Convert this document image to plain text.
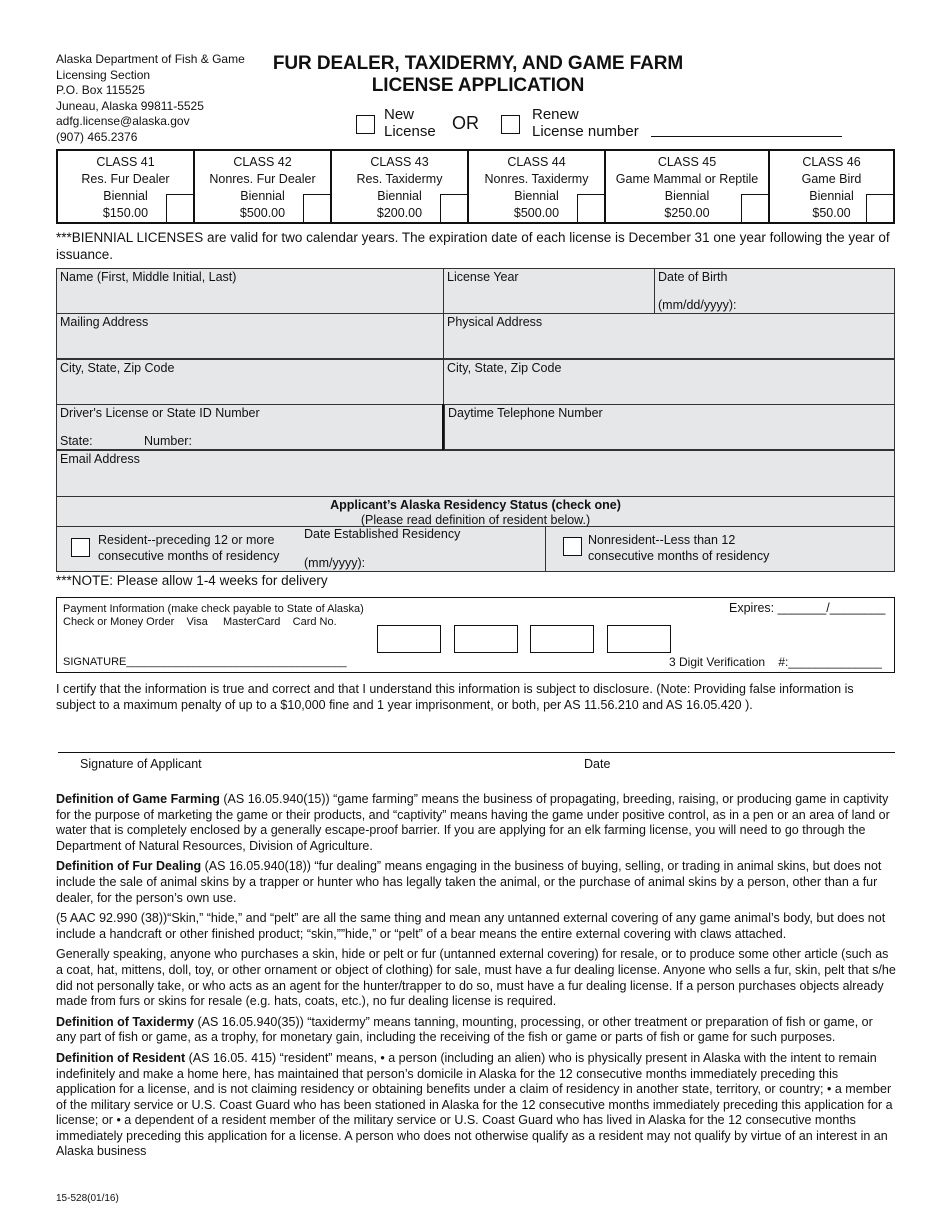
Alaska Department of Fish & Game
Licensing Section
P.O. Box 115525
Juneau, Alaska 99811-5525
adfg.license@alaska.gov
(907) 465.2376
FUR DEALER, TAXIDERMY, AND GAME FARM
LICENSE APPLICATION
New
License OR	Renew
License number
CLASS 41
Res. Fur Dealer
Biennial
$150.00
CLASS 42
Nonres. Fur Dealer
Biennial
$500.00
CLASS 43
Res. Taxidermy
Biennial
$200.00
CLASS 44
Nonres. Taxidermy
Biennial
$500.00
CLASS 45
Game Mammal or Reptile
Biennial
$250.00
CLASS 46
Game Bird
Biennial
$50.00
***BIENNIAL LICENSES are valid for two calendar years. The expiration date of each license is December 31 one year following the year of issuance.
Name (First, Middle Initial, Last)	License Year	Date of Birth
(mm/dd/yyyy):
Mailing Address	Physical Address
City, State, Zip Code	City, State, Zip Code
Driver's License or State ID Number
State:	Number:
Daytime Telephone Number
Email Address
Applicant’s Alaska Residency Status (check one)
(Please read definition of resident below.)
Resident--preceding 12 or more
consecutive months of residency
Date Established Residency
(mm/yyyy):
Nonresident--Less than 12
consecutive months of residency
***NOTE: Please allow 1-4 weeks for delivery
Payment Information (make check payable to State of Alaska)
Check or Money Order    Visa     MasterCard    Card No.
Expires: _______/________
SIGNATURE____________________________________	3 Digit Verification    #:______________
I certify that the information is true and correct and that I understand this information is subject to disclosure. (Note: Providing false information is subject to a maximum penalty of up to a $10,000 fine and 1 year imprisonment, or both, per AS 11.56.210 and AS 16.05.420 ).
Signature of Applicant	Date

Definition of Game Farming (AS 16.05.940(15)) “game farming” means the business of propagating, breeding, raising, or producing game in captivity for the purpose of marketing the game or their products, and “captivity” means having the game under positive control, as in a pen or an area of land or water that is completely enclosed by a generally escape-proof barrier. If you are applying for an elk farming license, you will need to go through the Department of Natural Resources, Division of Agriculture.

Definition of Fur Dealing (AS 16.05.940(18)) “fur dealing” means engaging in the business of buying, selling, or trading in animal skins, but does not include the sale of animal skins by a trapper or hunter who has legally taken the animal, or the purchase of animal skins by a person, other than a fur dealer, for the person’s own use.

(5 AAC 92.990 (38))“Skin,” “hide,” and “pelt” are all the same thing and mean any untanned external covering of any game animal’s body, but does not include a handcraft or other finished product; “skin,””hide,” or “pelt” of a bear means the entire external covering with claws attached.

Generally speaking, anyone who purchases a skin, hide or pelt or fur (untanned external covering) for resale, or to produce some other article (such as a coat, hat, mittens, doll, toy, or other ornament or object of clothing) for sale, must have a fur dealing license. Anyone who sells a fur, skin, pelt that s/he did not personally take, or who acts as an agent for the hunter/trapper to do so, must have a fur dealing license. If a person purchases objects already made from furs or skins for resale (e.g. hats, coats, etc.), no fur dealing license is required.

Definition of Taxidermy (AS 16.05.940(35)) “taxidermy” means tanning, mounting, processing, or other treatment or preparation of fish or game, or any part of fish or game, as a trophy, for monetary gain, including the receiving of the fish or game or parts of fish or game for such purposes.

Definition of Resident (AS 16.05. 415) “resident” means, • a person (including an alien) who is physically present in Alaska with the intent to remain indefinitely and make a home here, has maintained that person’s domicile in Alaska for the 12 consecutive months immediately preceding this application for a license, and is not claiming residency or obtaining benefits under a claim of residency in another state, territory, or country; • a member of the military service or U.S. Coast Guard who has been stationed in Alaska for the 12 consecutive months immediately preceding this application for a license; or • a dependent of a resident member of the military service or U.S. Coast Guard who has lived in Alaska for the 12 consecutive months immediately preceding this application for a license. A person who does not otherwise qualify as a resident may not qualify by virtue of an interest in an Alaska business

15-528(01/16)
